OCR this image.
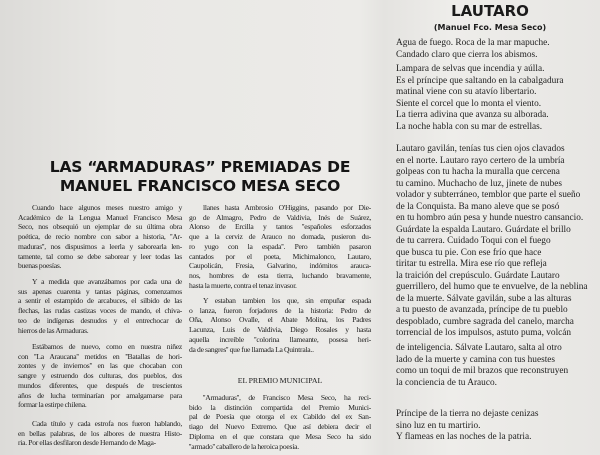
LAS “ARMADURAS” PREMIADAS DE
MANUEL FRANCISCO MESA SECO
Cuando hace algunos meses nuestro amigo y
Académico de la Lengua Manuel Francisco Mesa
Seco, nos obsequió un ejemplar de su última obra
poética, de recio nombre con sabor a historia, ''Ar-
maduras'', nos dispusimos a leerla y saborearla len-
tamente, tal como se debe saborear y leer todas las
buenas poesías.
Y a medida que avanzábamos por cada una de
sus apenas cuarenta y tantas páginas, comenzamos
a sentir el estampido de arcabuces, el silbido de las
flechas, las rudas castizas voces de mando, el chiva-
teo de indígenas desnudos y el entrechocar de
hierros de las Armaduras.
Estábamos de nuevo, como en nuestra niñez
con ''La Araucana'' metidos en ''Batallas de hori-
zontes y de inviernos'' en las que chocaban con
sangre y estruendo dos culturas, dos pueblos, dos
mundos diferentes, que después de trescientos
años de lucha terminarían por amalgamarse para
formar la estirpe chilena.
Cada título y cada estrofa nos fueron hablando,
en bellas palabras, de los albores de nuestra Histo-
ria. Por ellas desfilaron desde Hernando de Maga-
EL PREMIO MUNICIPAL
llanes hasta Ambrosio O'Higgins, pasando por Die-
go de Almagro, Pedro de Valdivia, Inés de Suárez,
Alonso de Ercilla y tantos ''españoles esforzados
que a la cerviz de Arauco no domada, pusieron du-
ro yugo con la espada''. Pero también pasaron
cantados por el poeta, Michimalonco, Lautaro,
Caupolicán, Fresia, Galvarino, indómitos arauca-
nos, hombres de esta tierra, luchando bravamente,
hasta la muerte, contra el tenaz invasor.
Y estaban tambien los que, sin empuñar espada
o lanza, fueron forjadores de la historia: Pedro de
Oña, Alonso Ovalle, el Abate Molina, los Padres
Lacunza, Luis de Valdivia, Diego Rosales y hasta
aquella increíble ''colorina llameante, posesa heri-
da de sangres'' que fue llamada La Quintrala..
''Armaduras'', de Francisco Mesa Seco, ha reci-
bido la distinción compartida del Premio Munici-
pal de Poesía que otorga el ex Cabildo del ex San-
tiago del Nuevo Extremo. Que así debiera decir el
Diploma en el que constara que Mesa Seco ha sido
''armado'' caballero de la heroica poesía.
LAUTARO
(Manuel Fco. Mesa Seco)
Agua de fuego. Roca de la mar mapuche.
Candado claro que cierra los abismos.
Lampara de selvas que incendia y aúlla.
Es el príncipe que saltando en la cabalgadura
matinal viene con su atavío libertario.
Siente el corcel que lo monta el viento.
La tierra adivina que avanza su alborada.
La noche habla con su mar de estrellas.
Lautaro gavilán, tenías tus cien ojos clavados
en el norte. Lautaro rayo certero de la umbría
golpeas con tu hacha la muralla que cercena
tu camino. Muchacho de luz, jinete de nubes
volador y subterráneo, temblor que parte el sueño
de la Conquista. Ba mano aleve que se posó
en tu hombro aún pesa y hunde nuestro cansancio.
Guárdate la espalda Lautaro. Guárdate el brillo
de tu carrera. Cuidado Toqui con el fuego
que busca tu pie. Con ese frío que hace
tiritar tu estrella. Mira ese río que refleja
la traición del crepúsculo. Guárdate Lautaro
guerrillero, del humo que te envuelve, de la neblina
de la muerte. Sálvate gavilán, sube a las alturas
a tu puesto de avanzada, príncipe de tu pueblo
despoblado, cumbre sagrada del canelo, marcha
torrencial de los impulsos, astuto puma, volcán
de inteligencia. Sálvate Lautaro, salta al otro
lado de la muerte y camina con tus huestes
como un toqui de mil brazos que reconstruyen
la conciencia de tu Arauco.
Príncipe de la tierra no dejaste cenizas
sino luz en tu martirio.
Y flameas en las noches de la patria.
